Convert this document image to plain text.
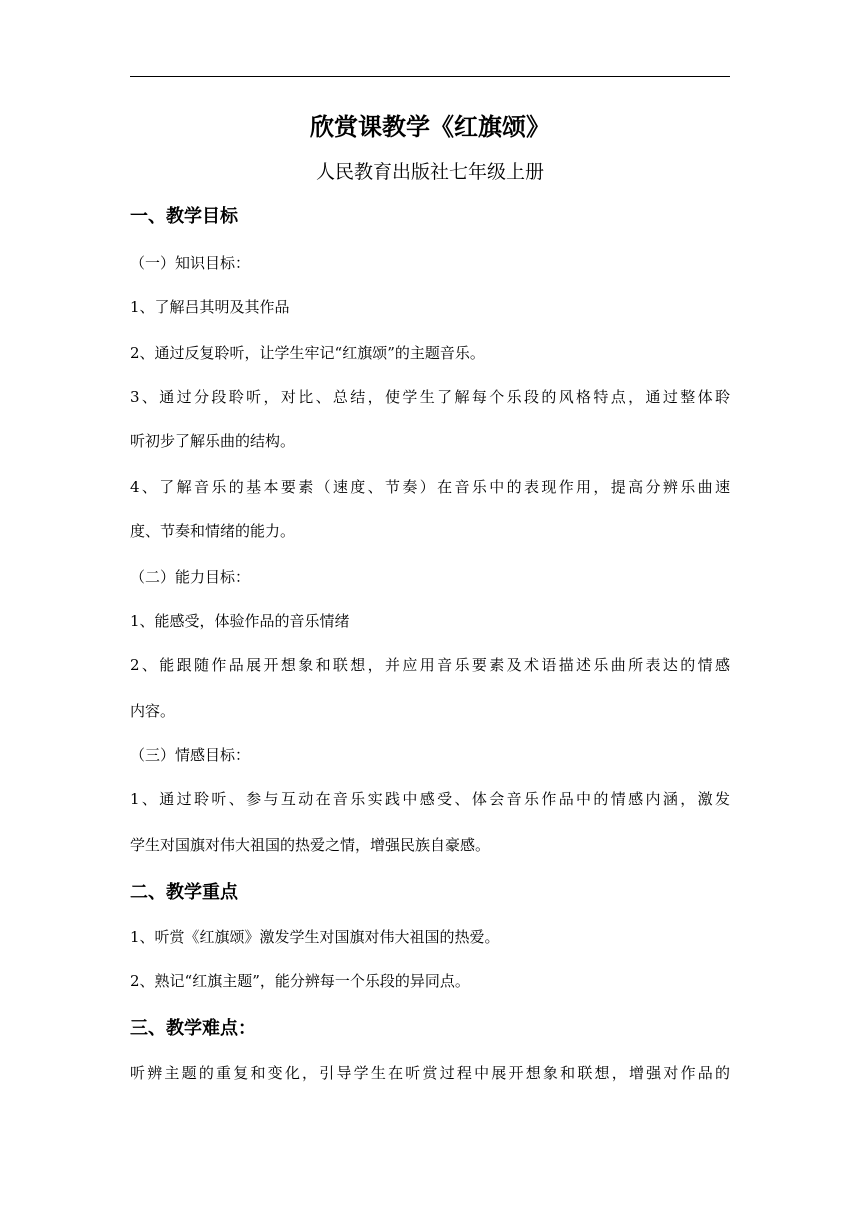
欣赏课教学《红旗颂》
人民教育出版社七年级上册
一、教学目标
（一）知识目标：
1、了解吕其明及其作品
2、通过反复聆听，让学生牢记“红旗颂”的主题音乐。
3、通过分段聆听，对比、总结，使学生了解每个乐段的风格特点，通过整体聆
听初步了解乐曲的结构。
4、了解音乐的基本要素（速度、节奏）在音乐中的表现作用，提高分辨乐曲速
度、节奏和情绪的能力。
（二）能力目标：
1、能感受，体验作品的音乐情绪
2、能跟随作品展开想象和联想，并应用音乐要素及术语描述乐曲所表达的情感
内容。
（三）情感目标：
1、通过聆听、参与互动在音乐实践中感受、体会音乐作品中的情感内涵，激发
学生对国旗对伟大祖国的热爱之情，增强民族自豪感。
二、教学重点
1、听赏《红旗颂》激发学生对国旗对伟大祖国的热爱。
2、熟记“红旗主题”，能分辨每一个乐段的异同点。
三、教学难点：
听辨主题的重复和变化，引导学生在听赏过程中展开想象和联想，增强对作品的
